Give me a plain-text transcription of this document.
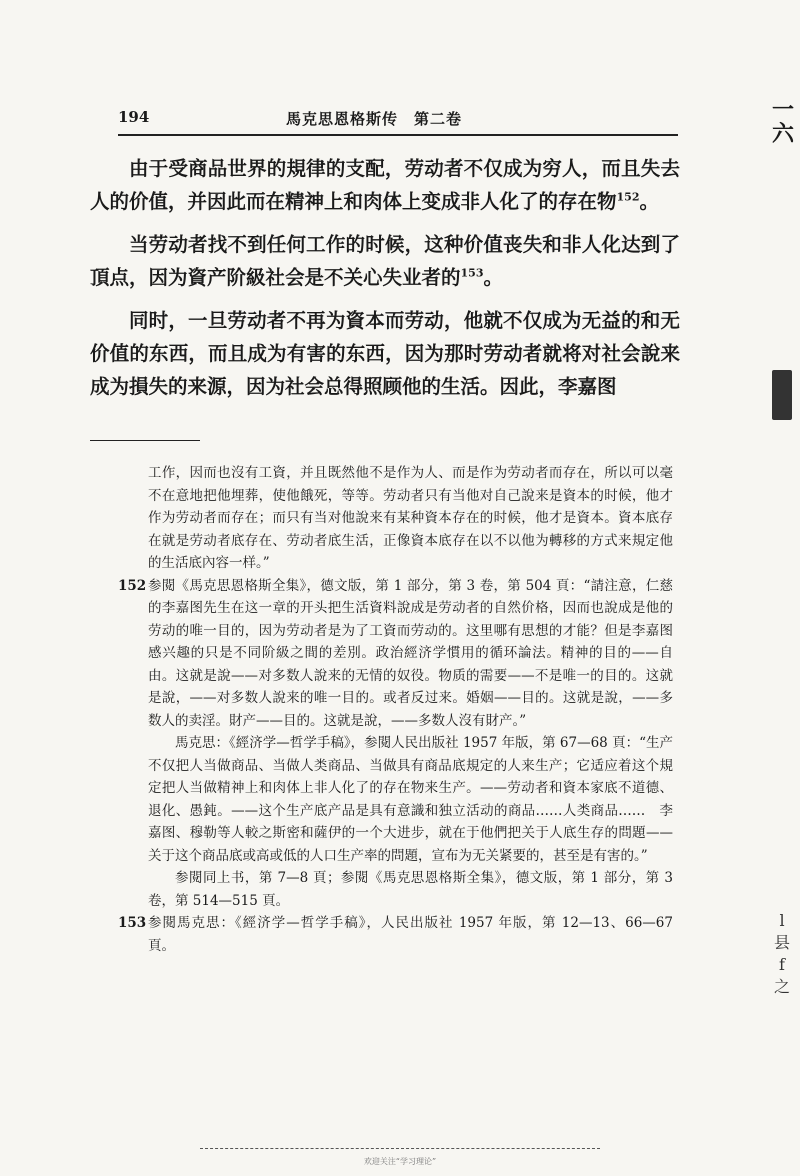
194	馬克思恩格斯传　第二卷	一
六
l
县
f
之

由于受商品世界的規律的支配，劳动者不仅成为穷人，而且失去人的价值，并因此而在精神上和肉体上变成非人化了的存在物$^{152}$。

当劳动者找不到任何工作的时候，这种价值丧失和非人化达到了頂点，因为資产阶級社会是不关心失业者的$^{153}$。

同时，一旦劳动者不再为資本而劳动，他就不仅成为无益的和无价值的东西，而且成为有害的东西，因为那时劳动者就将对社会說来成为損失的来源，因为社会总得照顾他的生活。因此，李嘉图

工作，因而也沒有工資，并且既然他不是作为人、而是作为劳动者而存在，所以可以毫不在意地把他埋葬，使他餓死，等等。劳动者只有当他对自己說来是資本的时候，他才作为劳动者而存在；而只有当对他說来有某种資本存在的时候，他才是資本。資本底存在就是劳动者底存在、劳动者底生活，正像資本底存在以不以他为轉移的方式来規定他的生活底內容一样。”

152 参閱《馬克思恩格斯全集》，德文版，第 1 部分，第 3 卷，第 504 頁：“請注意，仁慈的李嘉图先生在这一章的开头把生活資料說成是劳动者的自然价格，因而也說成是他的劳动的唯一目的，因为劳动者是为了工資而劳动的。这里哪有思想的才能？但是李嘉图感兴趣的只是不同阶級之間的差別。政治經济学慣用的循环論法。精神的目的——自由。这就是說——对多数人說来的无情的奴役。物质的需要——不是唯一的目的。这就是說，——对多数人說来的唯一目的。或者反过来。婚姻——目的。这就是說，——多数人的卖淫。財产——目的。这就是說，——多数人沒有財产。”

馬克思：《經济学—哲学手稿》，参閱人民出版社 1957 年版，第 67—68 頁：“生产不仅把人当做商品、当做人类商品、当做具有商品底規定的人来生产；它适应着这个規定把人当做精神上和肉体上非人化了的存在物来生产。——劳动者和資本家底不道德、退化、愚鈍。——这个生产底产品是具有意識和独立活动的商品……人类商品……　李嘉图、穆勒等人較之斯密和薩伊的一个大进步，就在于他們把关于人底生存的問題——关于这个商品底或高或低的人口生产率的問題，宣布为无关紧要的，甚至是有害的。”

参閱同上书，第 7—8 頁；参閱《馬克思恩格斯全集》，德文版，第 1 部分，第 3 卷，第 514—515 頁。

153 参閱馬克思：《經济学—哲学手稿》，人民出版社 1957 年版，第 12—13、66—67 頁。

欢迎关注“学习理论”
